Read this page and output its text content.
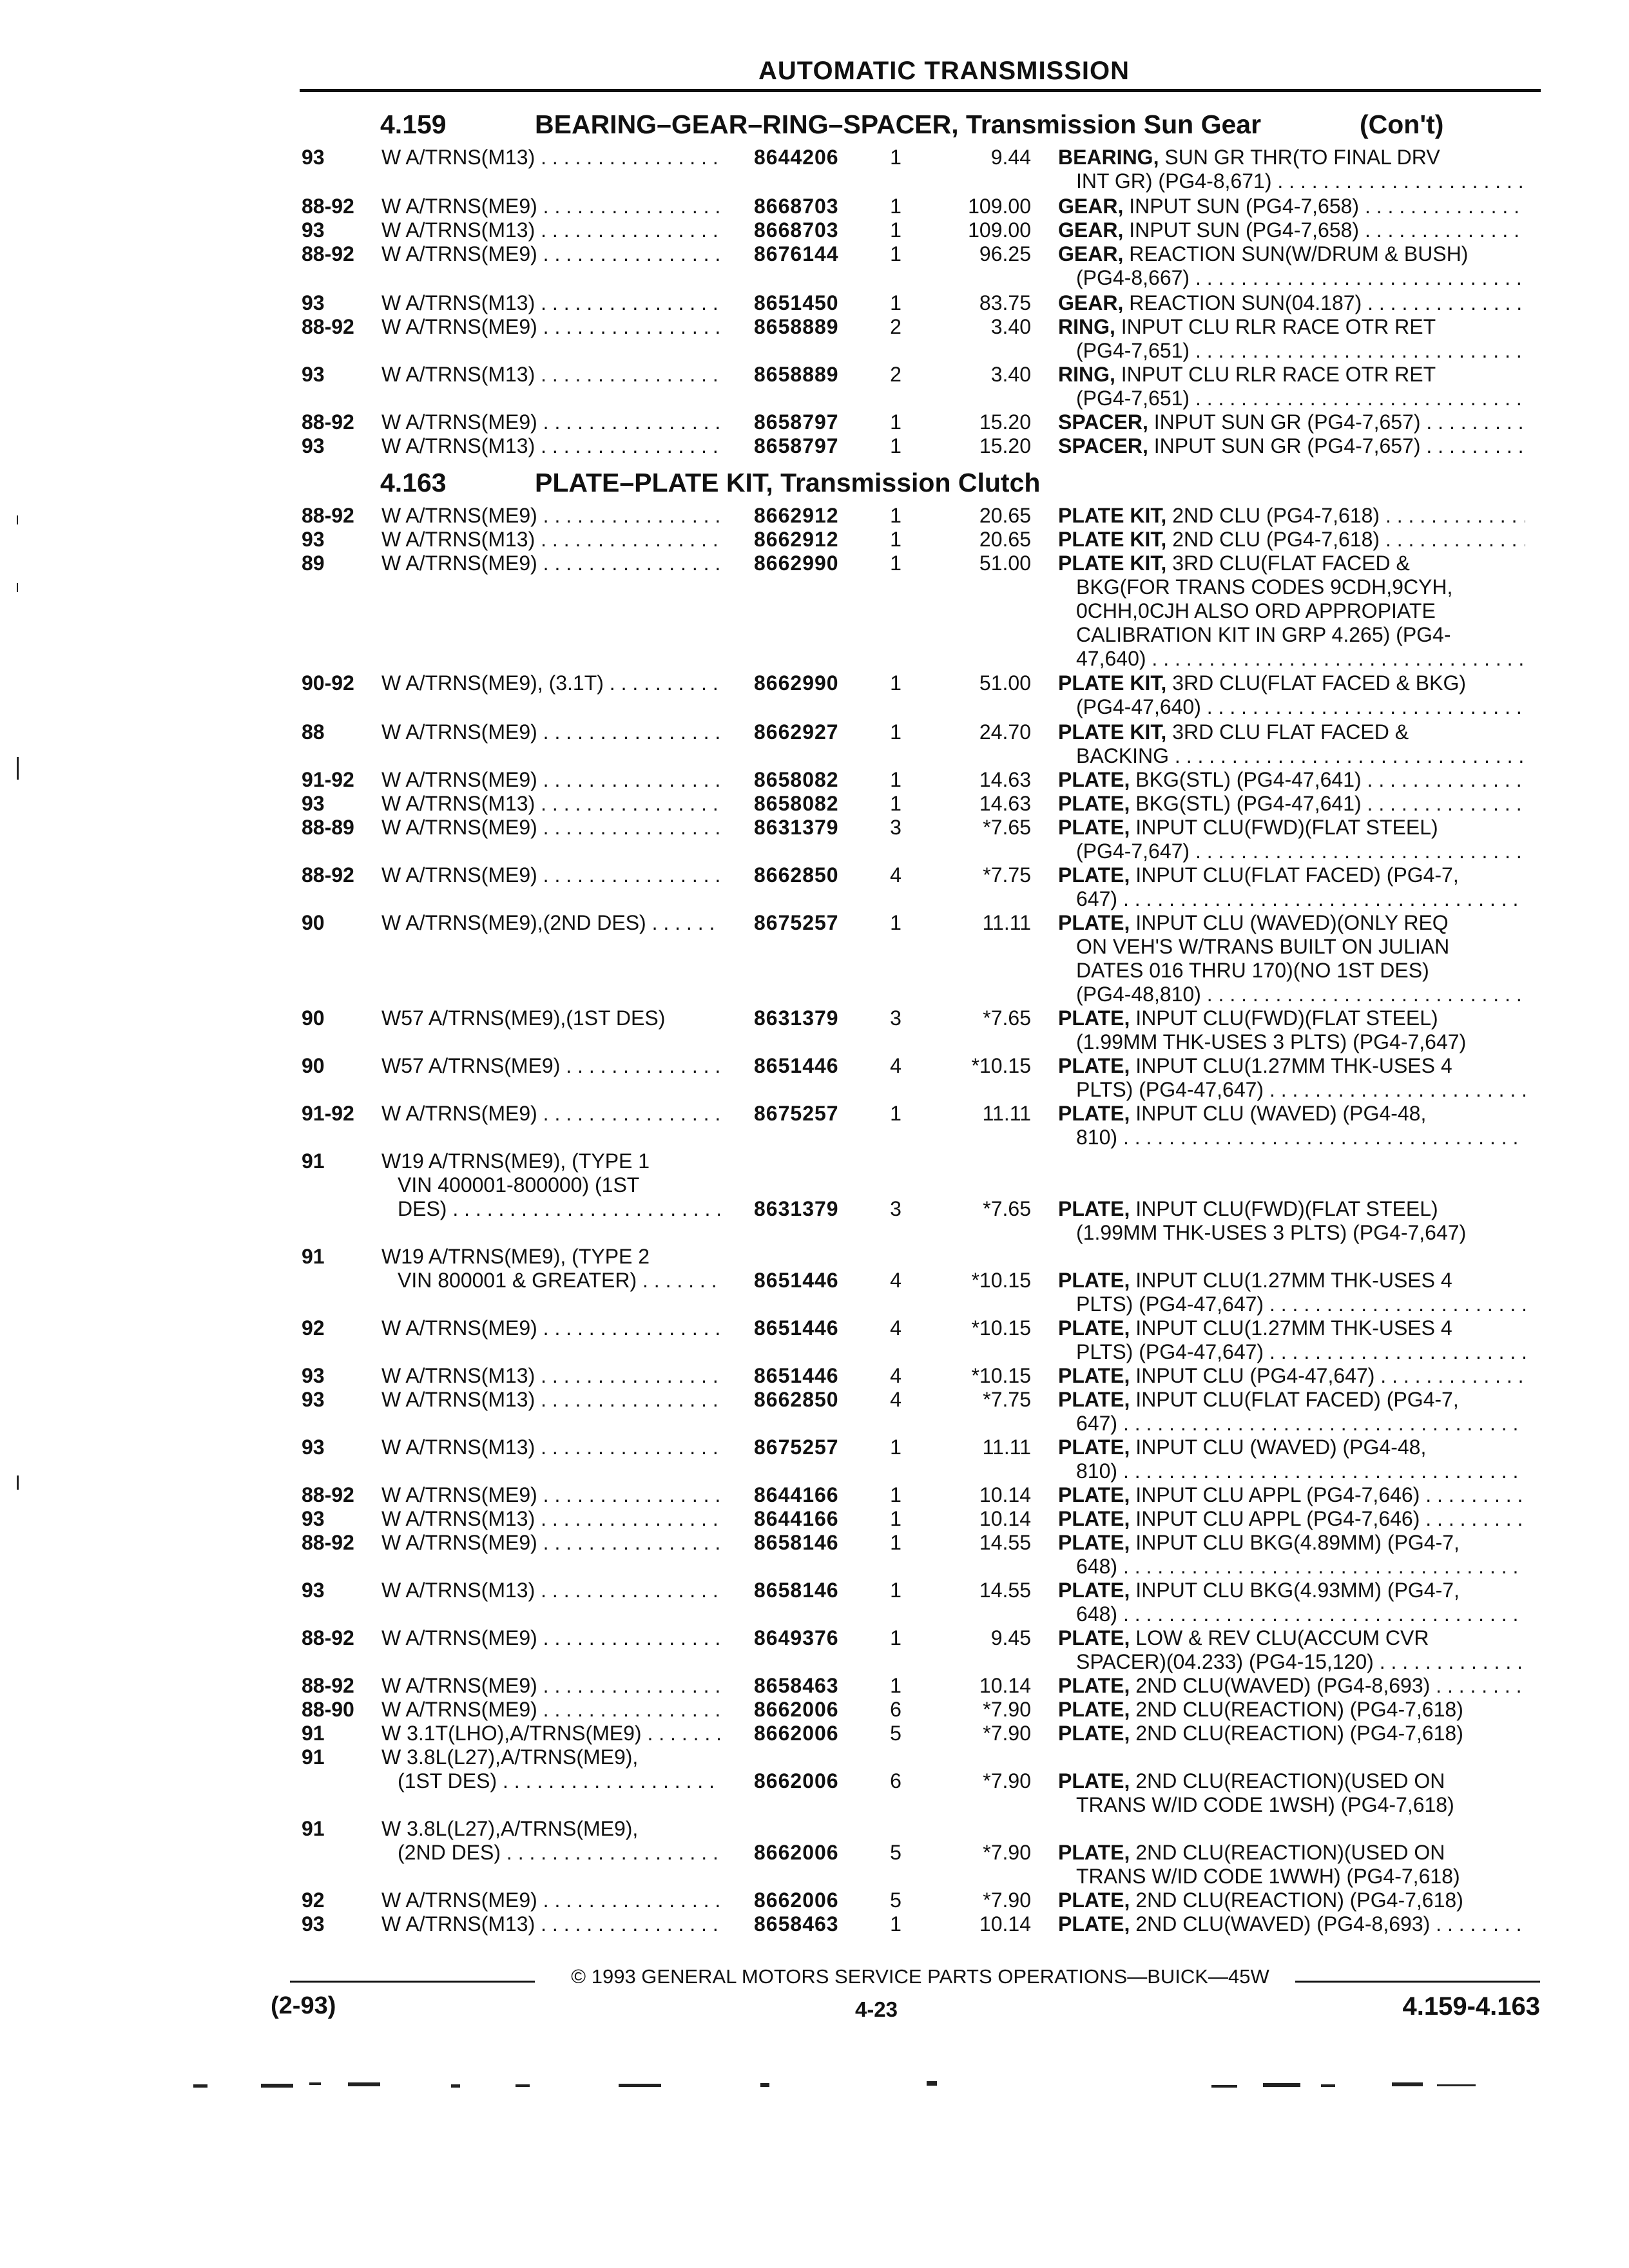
AUTOMATIC TRANSMISSION
4.159	BEARING–GEAR–RING–SPACER, Transmission Sun Gear	(Con't)
4.163	PLATE–PLATE KIT, Transmission Clutch
93	W A/TRNS(M13) . . .	8644206	1	9.44 BEARING, SUN GR THR(TO FINAL DRV
INT GR) (PG4-8,671) . . .
88-92 W A/TRNS(ME9) . . .	8668703	1	109.00 GEAR, INPUT SUN (PG4-7,658) . . .
93	W A/TRNS(M13) . . .	8668703	1	109.00 GEAR, INPUT SUN (PG4-7,658) . . .
88-92 W A/TRNS(ME9) . . .	8676144	1	96.25 GEAR, REACTION SUN(W/DRUM & BUSH)
(PG4-8,667) . . .
93	W A/TRNS(M13) . . .	8651450	1	83.75 GEAR, REACTION SUN(04.187) . . .
88-92 W A/TRNS(ME9) . . .	8658889	2	3.40 RING, INPUT CLU RLR RACE OTR RET
(PG4-7,651) . . .
93	W A/TRNS(M13) . . .	8658889	2	3.40 RING, INPUT CLU RLR RACE OTR RET
(PG4-7,651) . . .
88-92 W A/TRNS(ME9) . . .	8658797	1	15.20 SPACER, INPUT SUN GR (PG4-7,657) . . .
93	W A/TRNS(M13) . . .	8658797	1	15.20 SPACER, INPUT SUN GR (PG4-7,657) . . .
88-92 W A/TRNS(ME9) . . .	8662912	1	20.65 PLATE KIT, 2ND CLU (PG4-7,618) . . .
93	W A/TRNS(M13) . . .	8662912	1	20.65 PLATE KIT, 2ND CLU (PG4-7,618) . . .
89	W A/TRNS(ME9) . . .	8662990	1	51.00 PLATE KIT, 3RD CLU(FLAT FACED &
BKG(FOR TRANS CODES 9CDH,9CYH,
0CHH,0CJH ALSO ORD APPROPIATE
CALIBRATION KIT IN GRP 4.265) (PG4-
47,640) . . .
90-92 W A/TRNS(ME9), (3.1T) . . .	8662990	1	51.00 PLATE KIT, 3RD CLU(FLAT FACED & BKG)
(PG4-47,640) . . .
88	W A/TRNS(ME9) . . .	8662927	1	24.70 PLATE KIT, 3RD CLU FLAT FACED &
BACKING . . .
91-92 W A/TRNS(ME9) . . .	8658082	1	14.63 PLATE, BKG(STL) (PG4-47,641) . . .
93	W A/TRNS(M13) . . .	8658082	1	14.63 PLATE, BKG(STL) (PG4-47,641) . . .
88-89 W A/TRNS(ME9) . . .	8631379	3	*7.65 PLATE, INPUT CLU(FWD)(FLAT STEEL)
(PG4-7,647) . . .
88-92 W A/TRNS(ME9) . . .	8662850	4	*7.75 PLATE, INPUT CLU(FLAT FACED) (PG4-7,
647) . . .
90	W A/TRNS(ME9),(2ND DES) . . .	8675257	1	11.11 PLATE, INPUT CLU (WAVED)(ONLY REQ
ON VEH'S W/TRANS BUILT ON JULIAN
DATES 016 THRU 170)(NO 1ST DES)
(PG4-48,810) . . .
90	W57 A/TRNS(ME9),(1ST DES)	8631379	3	*7.65 PLATE, INPUT CLU(FWD)(FLAT STEEL)
(1.99MM THK-USES 3 PLTS) (PG4-7,647)
90	W57 A/TRNS(ME9) . . .	8651446	4	*10.15 PLATE, INPUT CLU(1.27MM THK-USES 4
PLTS) (PG4-47,647) . . .
91-92 W A/TRNS(ME9) . . .	8675257	1	11.11 PLATE, INPUT CLU (WAVED) (PG4-48,
810) . . .
91	W19 A/TRNS(ME9), (TYPE 1
VIN 400001-800000) (1ST
DES) . . .	8631379	3	*7.65 PLATE, INPUT CLU(FWD)(FLAT STEEL)
(1.99MM THK-USES 3 PLTS) (PG4-7,647)
91	W19 A/TRNS(ME9), (TYPE 2
VIN 800001 & GREATER) . . .	8651446	4	*10.15 PLATE, INPUT CLU(1.27MM THK-USES 4
PLTS) (PG4-47,647) . . .
92	W A/TRNS(ME9) . . .	8651446	4	*10.15 PLATE, INPUT CLU(1.27MM THK-USES 4
PLTS) (PG4-47,647) . . .
93	W A/TRNS(M13) . . .	8651446	4	*10.15 PLATE, INPUT CLU (PG4-47,647) . . .
93	W A/TRNS(M13) . . .	8662850	4	*7.75 PLATE, INPUT CLU(FLAT FACED) (PG4-7,
647) . . .
93	W A/TRNS(M13) . . .	8675257	1	11.11 PLATE, INPUT CLU (WAVED) (PG4-48,
810) . . .
88-92 W A/TRNS(ME9) . . .	8644166	1	10.14 PLATE, INPUT CLU APPL (PG4-7,646) . . .
93	W A/TRNS(M13) . . .	8644166	1	10.14 PLATE, INPUT CLU APPL (PG4-7,646) . . .
88-92 W A/TRNS(ME9) . . .	8658146	1	14.55 PLATE, INPUT CLU BKG(4.89MM) (PG4-7,
648) . . .
93	W A/TRNS(M13) . . .	8658146	1	14.55 PLATE, INPUT CLU BKG(4.93MM) (PG4-7,
648) . . .
88-92 W A/TRNS(ME9) . . .	8649376	1	9.45 PLATE, LOW & REV CLU(ACCUM CVR
SPACER)(04.233) (PG4-15,120) . . .
88-92 W A/TRNS(ME9) . . .	8658463	1	10.14 PLATE, 2ND CLU(WAVED) (PG4-8,693) . . .
88-90 W A/TRNS(ME9) . . .	8662006	6	*7.90 PLATE, 2ND CLU(REACTION) (PG4-7,618)
91	W 3.1T(LHO),A/TRNS(ME9) . . .	8662006	5	*7.90 PLATE, 2ND CLU(REACTION) (PG4-7,618)
91	W 3.8L(L27),A/TRNS(ME9),
(1ST DES) . . .	8662006	6	*7.90 PLATE, 2ND CLU(REACTION)(USED ON
TRANS W/ID CODE 1WSH) (PG4-7,618)
91	W 3.8L(L27),A/TRNS(ME9),
(2ND DES) . . .	8662006	5	*7.90 PLATE, 2ND CLU(REACTION)(USED ON
TRANS W/ID CODE 1WWH) (PG4-7,618)
92	W A/TRNS(ME9) . . .	8662006	5	*7.90 PLATE, 2ND CLU(REACTION) (PG4-7,618)
93	W A/TRNS(M13) . . .	8658463	1	10.14 PLATE, 2ND CLU(WAVED) (PG4-8,693) . . .
© 1993 GENERAL MOTORS SERVICE PARTS OPERATIONS—BUICK—45W
(2-93)	4-23	4.159-4.163
